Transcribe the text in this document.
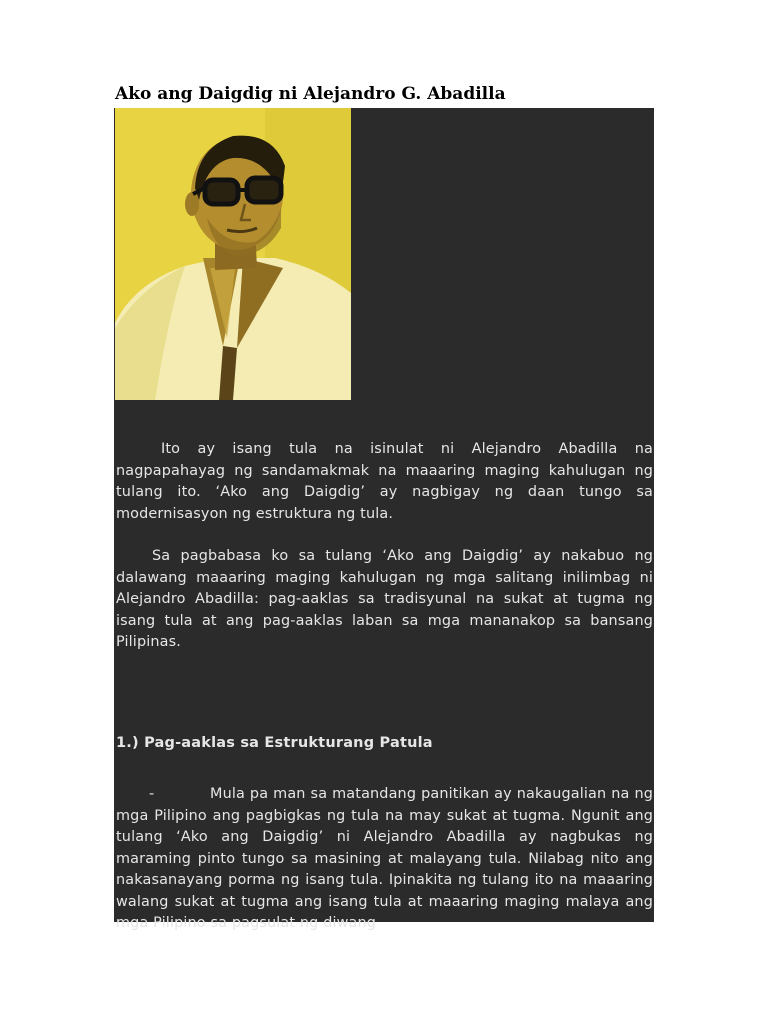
Ako ang Daigdig ni Alejandro G. Abadilla

Ito ay isang tula na isinulat ni Alejandro Abadilla na nagpapahayag ng sandamakmak na maaaring maging kahulugan ng tulang ito. ‘Ako ang Daigdig’ ay nagbigay ng daan tungo sa modernisasyon ng estruktura ng tula.

Sa pagbabasa ko sa tulang ‘Ako ang Daigdig’ ay nakabuo ng dalawang maaaring maging kahulugan ng mga salitang inilimbag ni Alejandro Abadilla: pag-aaklas sa tradisyunal na sukat at tugma ng isang tula at ang pag-aaklas laban sa mga mananakop sa bansang Pilipinas.

1.) Pag-aaklas sa Estrukturang Patula

-	Mula pa man sa matandang panitikan ay nakaugalian na ng mga Pilipino ang pagbigkas ng tula na may sukat at tugma. Ngunit ang tulang ‘Ako ang Daigdig’ ni Alejandro Abadilla ay nagbukas ng maraming pinto tungo sa masining at malayang tula. Nilabag nito ang nakasanayang porma ng isang tula. Ipinakita ng tulang ito na maaaring walang sukat at tugma ang isang tula at maaaring maging malaya ang mga Pilipino sa pagsulat ng diwang
